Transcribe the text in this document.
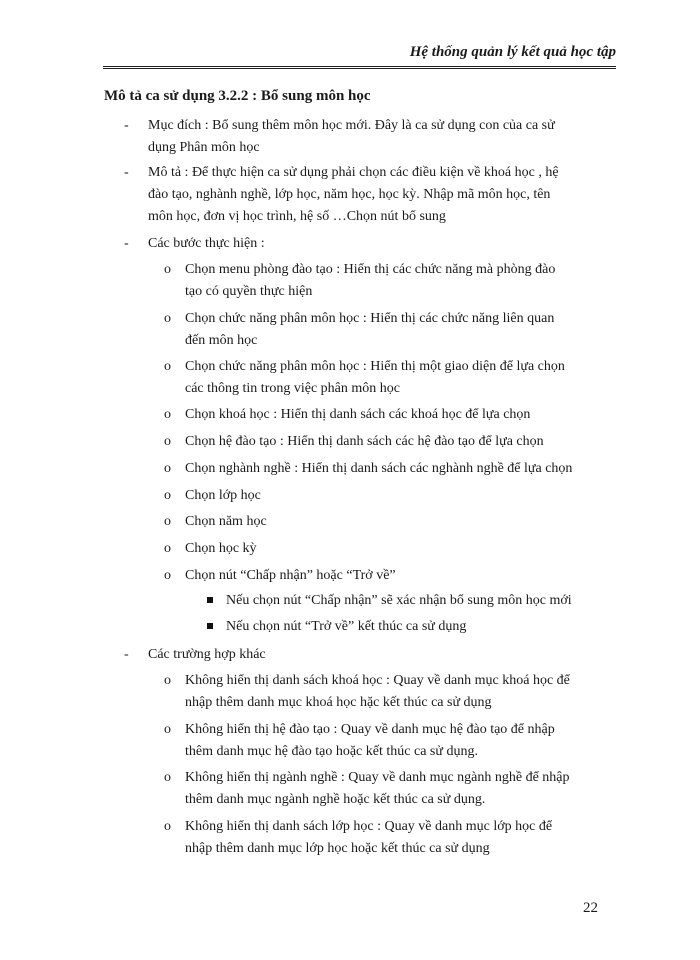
Hệ thống quản lý kết quả học tập
Mô tả ca sử dụng 3.2.2 : Bổ sung môn học
- Mục đích : Bổ sung thêm môn học mới. Đây là ca sử dụng con của ca sử
dụng Phân môn học
- Mô tả : Để thực hiện ca sử dụng phải chọn các điều kiện về khoá học , hệ
đào tạo, nghành nghề, lớp học, năm học, học kỳ. Nhập mã môn học, tên
môn học, đơn vị học trình, hệ số …Chọn nút bổ sung
- Các bước thực hiện :
o Chọn menu phòng đào tạo : Hiển thị các chức năng mà phòng đào
tạo có quyền thực hiện
o Chọn chức năng phân môn học : Hiển thị các chức năng liên quan
đến môn học
o Chọn chức năng phân môn học : Hiển thị một giao diện để lựa chọn
các thông tin trong việc phân môn học
o Chọn khoá học : Hiển thị danh sách các khoá học để lựa chọn
o Chọn hệ đào tạo : Hiển thị danh sách các hệ đào tạo để lựa chọn
o Chọn nghành nghề : Hiển thị danh sách các nghành nghề để lựa chọn
o Chọn lớp học
o Chọn năm học
o Chọn học kỳ
o Chọn nút “Chấp nhận” hoặc “Trở về”
Nếu chọn nút “Chấp nhận” sẽ xác nhận bổ sung môn học mới
Nếu chọn nút “Trở về” kết thúc ca sử dụng
- Các trường hợp khác
o Không hiển thị danh sách khoá học : Quay về danh mục khoá học để
nhập thêm danh mục khoá học hặc kết thúc ca sử dụng
o Không hiển thị hệ đào tạo : Quay về danh mục hệ đào tạo để nhập
thêm danh mục hệ đào tạo hoặc kết thúc ca sử dụng.
o Không hiển thị ngành nghề : Quay về danh mục ngành nghề để nhập
thêm danh mục ngành nghề hoặc kết thúc ca sử dụng.
o Không hiển thị danh sách lớp học : Quay về danh mục lớp học để
nhập thêm danh mục lớp học hoặc kết thúc ca sử dụng
22
